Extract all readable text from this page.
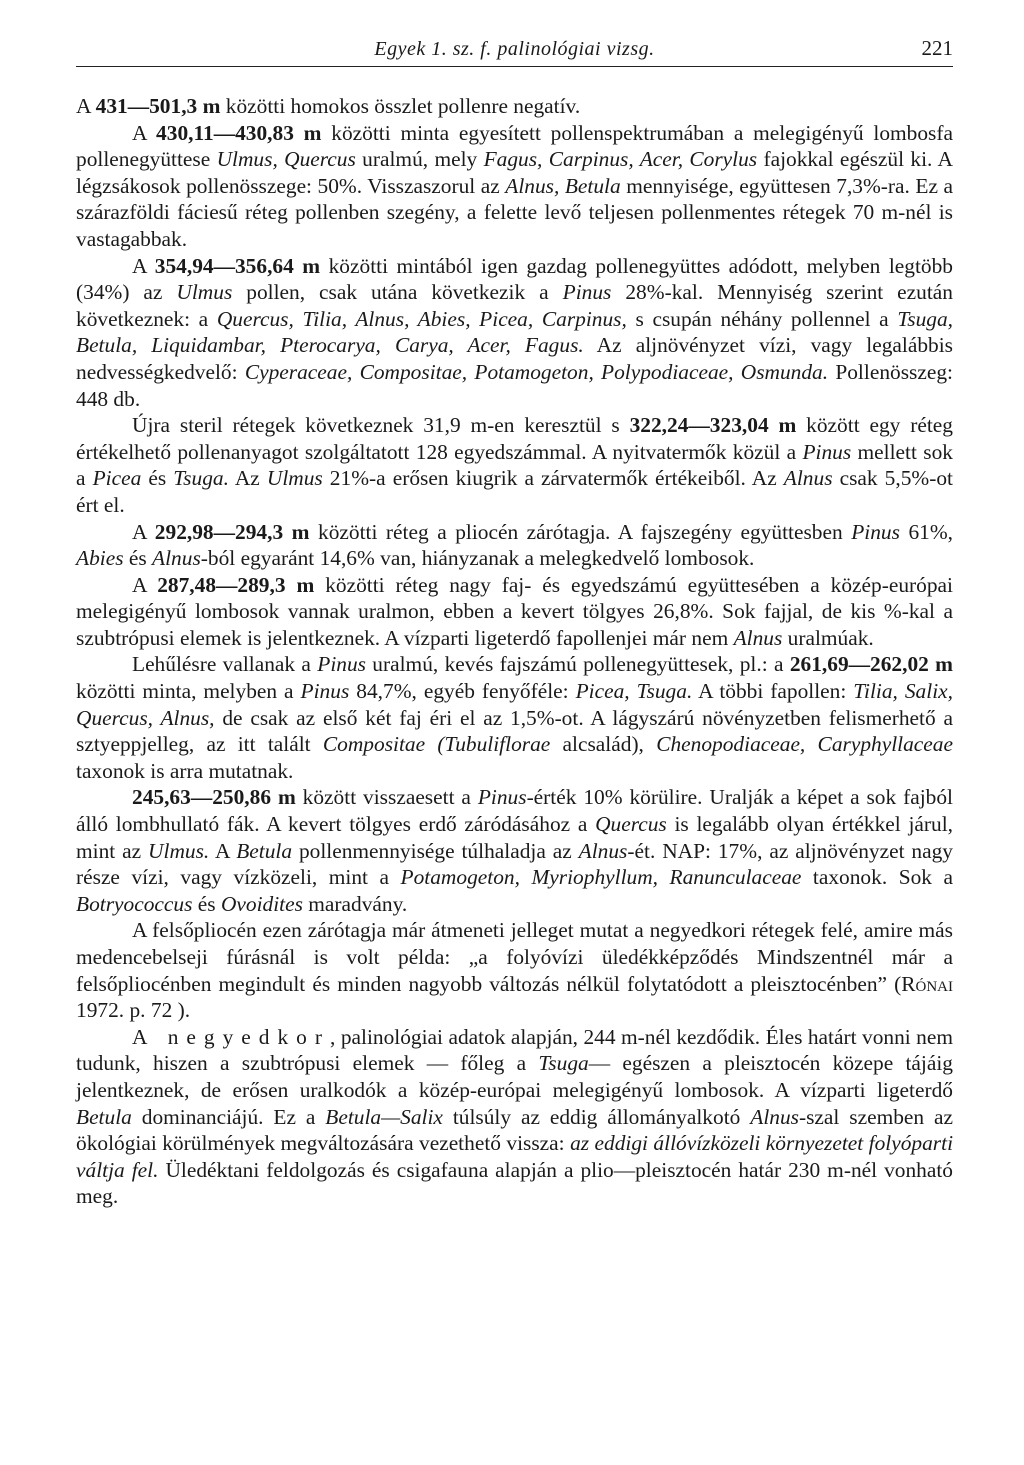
Egyek 1. sz. f. palinológiai vizsg.	221

A 431—501,3 m közötti homokos összlet pollenre negatív.

A 430,11—430,83 m közötti minta egyesített pollenspektrumában a melegigényű lombosfa pollenegyüttese Ulmus, Quercus uralmú, mely Fagus, Carpinus, Acer, Corylus fajokkal egészül ki. A légzsákosok pollenösszege: 50%. Visszaszorul az Alnus, Betula mennyisége, együttesen 7,3%-ra. Ez a szárazföldi fáciesű réteg pollenben szegény, a felette levő teljesen pollenmentes rétegek 70 m-nél is vastagabbak.

A 354,94—356,64 m közötti mintából igen gazdag pollenegyüttes adódott, melyben legtöbb (34%) az Ulmus pollen, csak utána következik a Pinus 28%-kal. Mennyiség szerint ezután következnek: a Quercus, Tilia, Alnus, Abies, Picea, Carpinus, s csupán néhány pollennel a Tsuga, Betula, Liquidambar, Pterocarya, Carya, Acer, Fagus. Az aljnövényzet vízi, vagy legalábbis nedvességkedvelő: Cyperaceae, Compositae, Potamogeton, Polypodiaceae, Osmunda. Pollenösszeg: 448 db.

Újra steril rétegek következnek 31,9 m-en keresztül s 322,24—323,04 m között egy réteg értékelhető pollenanyagot szolgáltatott 128 egyedszámmal. A nyitvatermők közül a Pinus mellett sok a Picea és Tsuga. Az Ulmus 21%-a erősen kiugrik a zárvatermők értékeiből. Az Alnus csak 5,5%-ot ért el.

A 292,98—294,3 m közötti réteg a pliocén zárótagja. A fajszegény együttesben Pinus 61%, Abies és Alnus-ból egyaránt 14,6% van, hiányzanak a melegkedvelő lombosok.

A 287,48—289,3 m közötti réteg nagy faj- és egyedszámú együttesében a közép-európai melegigényű lombosok vannak uralmon, ebben a kevert tölgyes 26,8%. Sok fajjal, de kis %-kal a szubtrópusi elemek is jelentkeznek. A vízparti ligeterdő fapollenjei már nem Alnus uralmúak.

Lehűlésre vallanak a Pinus uralmú, kevés fajszámú pollenegyüttesek, pl.: a 261,69—262,02 m közötti minta, melyben a Pinus 84,7%, egyéb fenyőféle: Picea, Tsuga. A többi fapollen: Tilia, Salix, Quercus, Alnus, de csak az első két faj éri el az 1,5%-ot. A lágyszárú növényzetben felismerhető a sztyeppjelleg, az itt talált Compositae (Tubuliflorae alcsalád), Chenopodiaceae, Caryphyllaceae taxonok is arra mutatnak.

245,63—250,86 m között visszaesett a Pinus-érték 10% körülire. Uralják a képet a sok fajból álló lombhullató fák. A kevert tölgyes erdő záródásához a Quercus is legalább olyan értékkel járul, mint az Ulmus. A Betula pollenmennyisége túlhaladja az Alnus-ét. NAP: 17%, az aljnövényzet nagy része vízi, vagy vízközeli, mint a Potamogeton, Myriophyllum, Ranunculaceae taxonok. Sok a Botryococcus és Ovoidites maradvány.

A felsőpliocén ezen zárótagja már átmeneti jelleget mutat a negyedkori rétegek felé, amire más medencebelseji fúrásnál is volt példa: „a folyóvízi üledékképződés Mindszentnél már a felsőpliocénben megindult és minden nagyobb változás nélkül folytatódott a pleisztocénben” (Rónai 1972. p. 72 ).

A negyedkor, palinológiai adatok alapján, 244 m-nél kezdődik. Éles határt vonni nem tudunk, hiszen a szubtrópusi elemek — főleg a Tsuga— egészen a pleisztocén közepe tájáig jelentkeznek, de erősen uralkodók a közép-európai melegigényű lombosok. A vízparti ligeterdő Betula dominanciájú. Ez a Betula—Salix túlsúly az eddig állományalkotó Alnus-szal szemben az ökológiai körülmények megváltozására vezethető vissza: az eddigi állóvízközeli környezetet folyóparti váltja fel. Üledéktani feldolgozás és csigafauna alapján a plio—pleisztocén határ 230 m-nél vonható meg.
